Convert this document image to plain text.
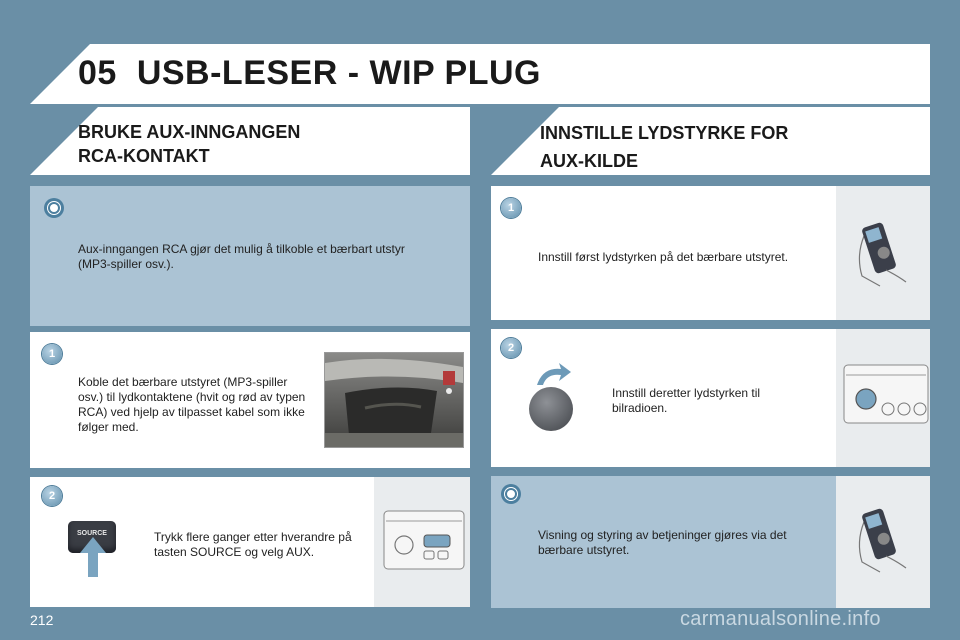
05 USB-LESER - WIP PLUG
BRUKE AUX-INNGANGEN
RCA-KONTAKT
INNSTILLE LYDSTYRKE FOR
AUX-KILDE
Aux-inngangen RCA gjør det mulig å tilkoble et bærbart utstyr (MP3-spiller osv.).
1
Koble det bærbare utstyret (MP3-spiller osv.) til lydkontaktene (hvit og rød av typen RCA) ved hjelp av tilpasset kabel som ikke følger med.
2
SOURCE	Trykk flere ganger etter hverandre på tasten SOURCE og velg AUX.
1
Innstill først lydstyrken på det bærbare utstyret.
2
Innstill deretter lydstyrken til bilradioen.
Visning og styring av betjeninger gjøres via det bærbare utstyret.
212	carmanualsonline.info
